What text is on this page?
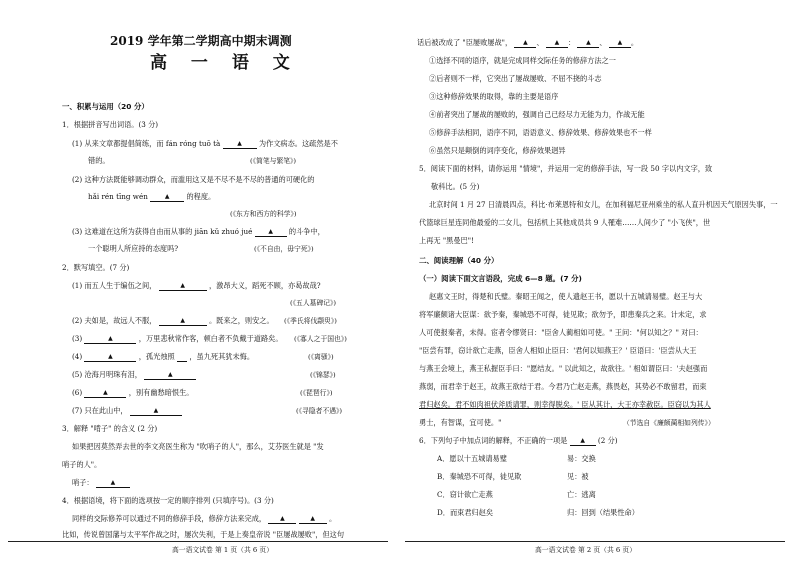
2019 学年第二学期高中期末调测
高 一 语 文
一、积累与运用（20 分）
1．根据拼音写出词语。(3 分)
(1) 从来文章都提倡简练，而 fán róng tuō tà	▲ 为作文病态。这疏然是不
错的。	(《简笔与繁笔》)
(2) 这种方法既能够调动群众，而滥用这又是不尽不是不尽的普通的可硬化的
hǎi rén tīng wén	▲ 的程度。
(《东方和西方的科学》)
(3) 这难道在这所为获得自由而从事的 jiān kǔ zhuó jué	▲ 的斗争中，
一个聪明人所应持的态度吗?	(《不自由，毋宁死》)
2．默写填空。(7 分)
(1) 而五人生于编伍之间，	▲	，激昂大义，蹈死不顾，亦曷故哉?
(《五人墓碑记》)
(2) 夫如是，故远人不服，	▲	。既来之，则安之。 (《季氏将伐颛臾》)
(3)	▲	，万里悲秋常作客，顿白者不负戴于道路矣。 (《寡人之于国也》)
(4)	▲	，孤光烛照 ，虽九死其犹未悔。	(《离骚》)
(5) 沧海月明珠有泪，	▲	(《锦瑟》)
(6)	▲	，别有幽愁暗恨生。	(《琵琶行》)
(7) 只在此山中，	▲	(《寻隐者不遇》)
3．解释 "啃子" 的含义 (2 分)
如果把因莫然弄去世的李文亮医生称为 "吹哨子的人"，那么，艾芬医生就是 "发
哨子的人"。
哨子：	▲
4．根据语境，将下面的选项按一定的顺序排列 (只填序号)。(3 分)
同样的交际修养可以通过不同的修辞手段，修辞方法来完成， ▲	▲ 。
比如，传说曾国藩与太平军作战之时，屡次失利，于是上奏皇帝说 "臣屡战屡败"，但这句
高一语文试卷 第 1 页（共 6 页）
话后被改成了 "臣屡败屡战"， ▲ 、 ▲ ： ▲ 、 ▲ 。
①选择不同的语序，就是完成同样交际任务的修辞方法之一
②后者则不一样，它突出了屡战屡败、不屈不挠的斗志
③这种修辞效果的取得，靠的主要是语序
④前者突出了屡战的屡败的，强调自己已经尽力无能为力，作战无能
⑤修辞手法相同，语序不同，语语意义、修辞效果、修辞效果也不一样
⑥虽然只是颠倒的词序变化，修辞效果迥异
5．阅读下面的材料，请你运用 "情境"，并运用一定的修辞手法，写一段 50 字以内文字，致
敬科比。(5 分)
北京时间 1 月 27 日清晨四点，科比·布莱恩特和女儿，在加利福尼亚州乘坐的私人直升机因天气原因失事，一
代篮球巨星连同他最爱的二女儿，包括机上其他成员共 9 人罹难……人间少了 "小飞侠"，世
上再无 "黑曼巴"!
二、阅读理解（40 分）
（一）阅读下面文言语段，完成 6—8 题。(7 分)
赵惠文王时，得楚和氏璧。秦昭王闻之，使人遗赵王书，愿以十五城请易璧。赵王与大
将军廉颇诸大臣谋：欲予秦，秦城恐不可得，徒见欺；欲勿予，即患秦兵之来。计未定，求
人可使报秦者，未得。宦者令缪贤曰："臣舍人蔺相如可使。" 王问："何以知之？" 对曰：
"臣尝有罪，窃计欲亡走燕，臣舍人相如止臣曰：'君何以知燕王？' 臣语曰：'臣尝从大王
与燕王会境上，燕王私握臣手曰："愿结友。" 以此知之，故欲往。' 相如谓臣曰：'夫赵强而
燕弱，而君幸于赵王，故燕王欲结于君。今君乃亡赵走燕，燕畏赵，其势必不敢留君，而束
君归赵矣。君不如肉袒伏斧质请罪，则幸得脱矣。' 臣从其计，大王亦幸赦臣。臣窃以为其人
勇士，有智谋，宜可使。"	（节选自《廉颇蔺相如列传》）
6．下列句子中加点词的解释，不正确的一项是 ▲ (2 分)
A．愿以十五城请易璧	易：交换
B．秦城恐不可得，徒见欺	见：被
C．窃计欲亡走燕	亡：逃离
D．而束君归赵矣	归：回到（结果性命）
高一语文试卷 第 2 页（共 6 页）
